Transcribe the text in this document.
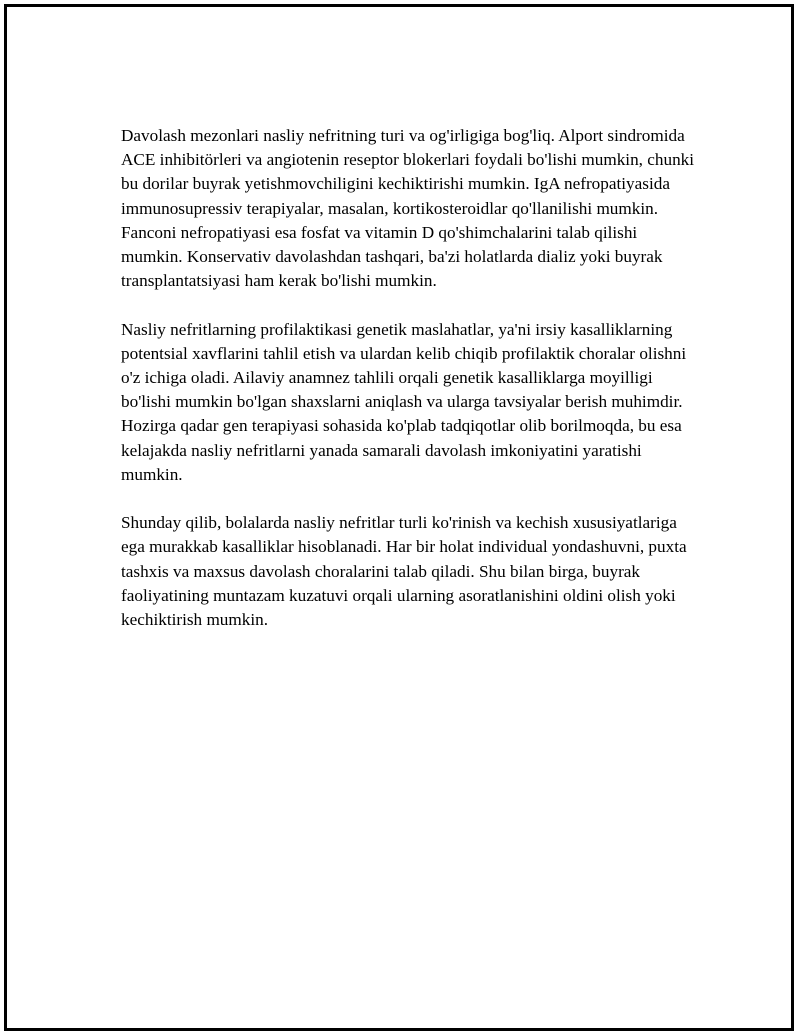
Davolash mezonlari nasliy nefritning turi va og'irligiga bog'liq. Alport sindromida ACE inhibitörleri va angiotenin reseptor blokerlari foydali bo'lishi mumkin, chunki bu dorilar buyrak yetishmovchiligini kechiktirishi mumkin. IgA nefropatiyasida immunosupressiv terapiyalar, masalan, kortikosteroidlar qo'llanilishi mumkin. Fanconi nefropatiyasi esa fosfat va vitamin D qo'shimchalarini talab qilishi mumkin. Konservativ davolashdan tashqari, ba'zi holatlarda dializ yoki buyrak transplantatsiyasi ham kerak bo'lishi mumkin.

Nasliy nefritlarning profilaktikasi genetik maslahatlar, ya'ni irsiy kasalliklarning potentsial xavflarini tahlil etish va ulardan kelib chiqib profilaktik choralar olishni o'z ichiga oladi. Ailaviy anamnez tahlili orqali genetik kasalliklarga moyilligi bo'lishi mumkin bo'lgan shaxslarni aniqlash va ularga tavsiyalar berish muhimdir. Hozirga qadar gen terapiyasi sohasida ko'plab tadqiqotlar olib borilmoqda, bu esa kelajakda nasliy nefritlarni yanada samarali davolash imkoniyatini yaratishi mumkin.

Shunday qilib, bolalarda nasliy nefritlar turli ko'rinish va kechish xususiyatlariga ega murakkab kasalliklar hisoblanadi. Har bir holat individual yondashuvni, puxta tashxis va maxsus davolash choralarini talab qiladi. Shu bilan birga, buyrak faoliyatining muntazam kuzatuvi orqali ularning asoratlanishini oldini olish yoki kechiktirish mumkin.
